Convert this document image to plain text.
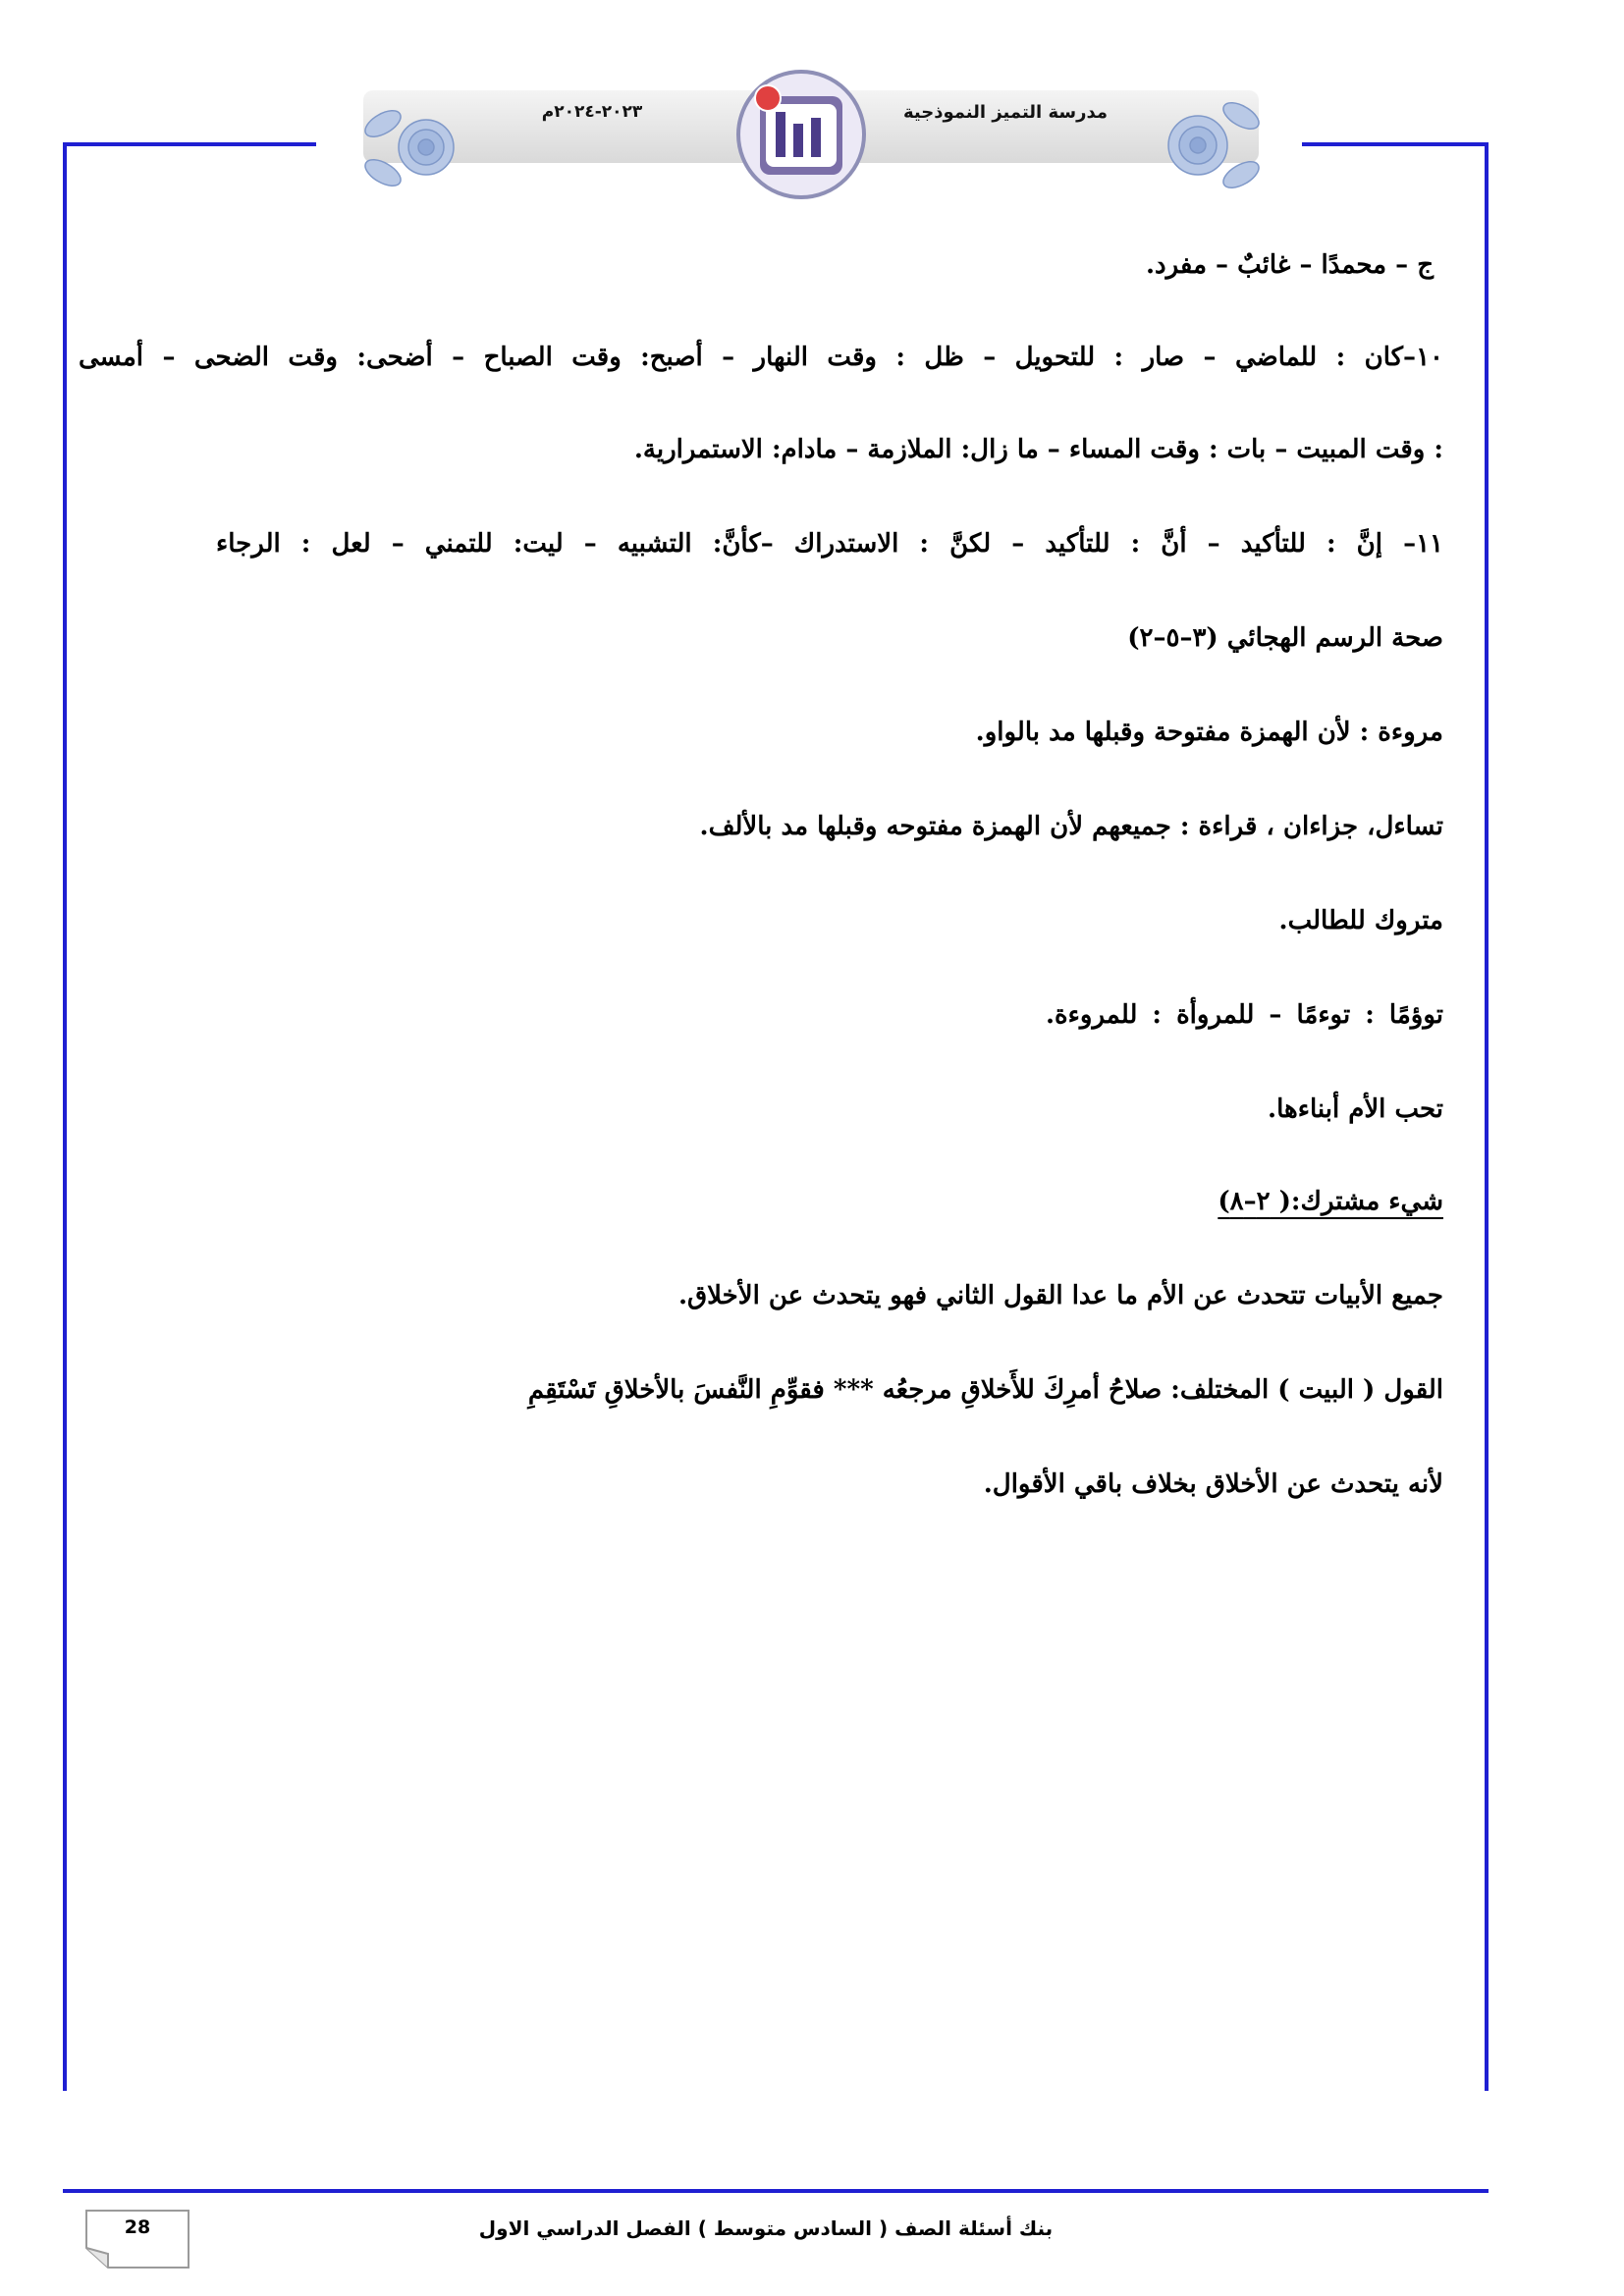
٢٠٢٣-٢٠٢٤م	مدرسة التميز النموذجية

ج – محمدًا – غائبٌ – مفرد.

١٠–كان : للماضي – صار : للتحويل – ظل : وقت النهار – أصبح: وقت الصباح – أضحى: وقت الضحى – أمسى

: وقت المبيت – بات : وقت المساء – ما زال: الملازمة – مادام: الاستمرارية.

١١– إنَّ : للتأكيد – أنَّ : للتأكيد – لكنَّ : الاستدراك –كأنَّ: التشبيه – ليت: للتمني – لعل : الرجاء

صحة الرسم الهجائي (٣–٥–٢)

مروءة : لأن الهمزة مفتوحة وقبلها مد بالواو.

تساءل، جزاءان ، قراءة : جميعهم لأن الهمزة مفتوحه وقبلها مد بالألف.

متروك للطالب.

توؤمًا : توءمًا – للمروأة : للمروءة.

تحب الأم أبناءها.

شيء مشترك:( ٢–٨)

جميع الأبيات تتحدث عن الأم ما عدا القول الثاني فهو يتحدث عن الأخلاق.

القول ( البيت ) المختلف: صلاحُ أمرِكَ للأَخلاقِ مرجعُه *** فقوِّمِ النَّفسَ بالأخلاقِ تَسْتَقِمِ

لأنه يتحدث عن الأخلاق بخلاف باقي الأقوال.

بنك أسئلة الصف ( السادس متوسط ) الفصل الدراسي الاول
28
